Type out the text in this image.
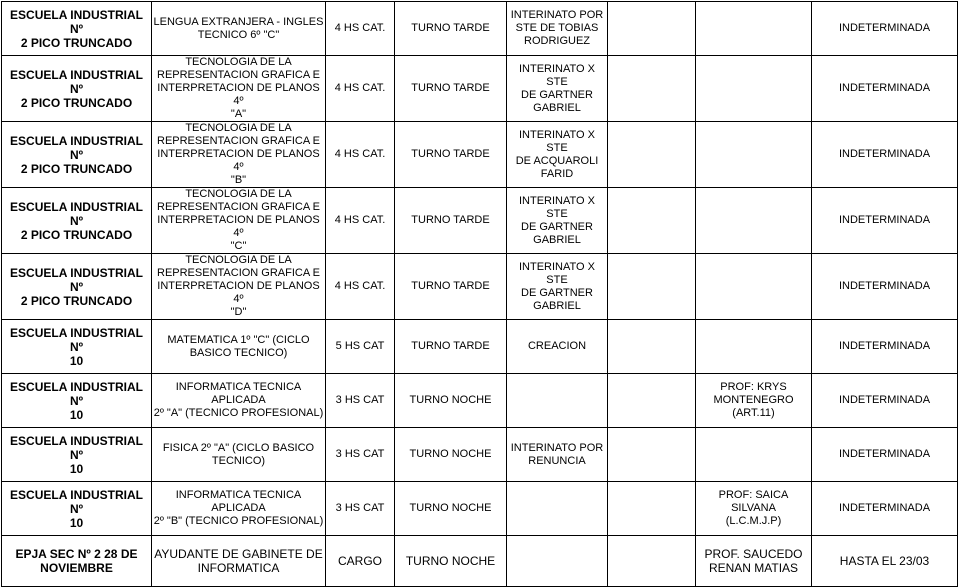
ESCUELA INDUSTRIAL Nº
2 PICO TRUNCADO	LENGUA EXTRANJERA - INGLES
TECNICO 6º "C"	4 HS CAT.	TURNO TARDE	INTERINATO POR
STE DE TOBIAS
RODRIGUEZ			INDETERMINADA
ESCUELA INDUSTRIAL Nº
2 PICO TRUNCADO	TECNOLOGIA DE LA
REPRESENTACION GRAFICA E
INTERPRETACION DE PLANOS 4º
"A"	4 HS CAT.	TURNO TARDE	INTERINATO X STE
DE GARTNER
GABRIEL			INDETERMINADA
ESCUELA INDUSTRIAL Nº
2 PICO TRUNCADO	TECNOLOGIA DE LA
REPRESENTACION GRAFICA E
INTERPRETACION DE PLANOS 4º
"B"	4 HS CAT.	TURNO TARDE	INTERINATO X STE
DE ACQUAROLI
FARID			INDETERMINADA
ESCUELA INDUSTRIAL Nº
2 PICO TRUNCADO	TECNOLOGIA DE LA
REPRESENTACION GRAFICA E
INTERPRETACION DE PLANOS 4º
"C"	4 HS CAT.	TURNO TARDE	INTERINATO X STE
DE GARTNER
GABRIEL			INDETERMINADA
ESCUELA INDUSTRIAL Nº
2 PICO TRUNCADO	TECNOLOGIA DE LA
REPRESENTACION GRAFICA E
INTERPRETACION DE PLANOS 4º
"D"	4 HS CAT.	TURNO TARDE	INTERINATO X STE
DE GARTNER
GABRIEL			INDETERMINADA
ESCUELA INDUSTRIAL Nº
10	MATEMATICA 1º "C" (CICLO
BASICO TECNICO)	5 HS CAT	TURNO TARDE	CREACION			INDETERMINADA
ESCUELA INDUSTRIAL Nº
10	INFORMATICA TECNICA APLICADA
2º "A" (TECNICO PROFESIONAL)	3 HS CAT	TURNO NOCHE			PROF: KRYS
MONTENEGRO
(ART.11)	INDETERMINADA
ESCUELA INDUSTRIAL Nº
10	FISICA 2º "A" (CICLO BASICO
TECNICO)	3 HS CAT	TURNO NOCHE	INTERINATO POR
RENUNCIA			INDETERMINADA
ESCUELA INDUSTRIAL Nº
10	INFORMATICA TECNICA APLICADA
2º "B" (TECNICO PROFESIONAL)	3 HS CAT	TURNO NOCHE			PROF: SAICA SILVANA
(L.C.M.J.P)	INDETERMINADA
EPJA SEC Nº 2 28 DE
NOVIEMBRE	AYUDANTE DE GABINETE DE
INFORMATICA	CARGO	TURNO NOCHE			PROF. SAUCEDO
RENAN MATIAS	HASTA EL 23/03
